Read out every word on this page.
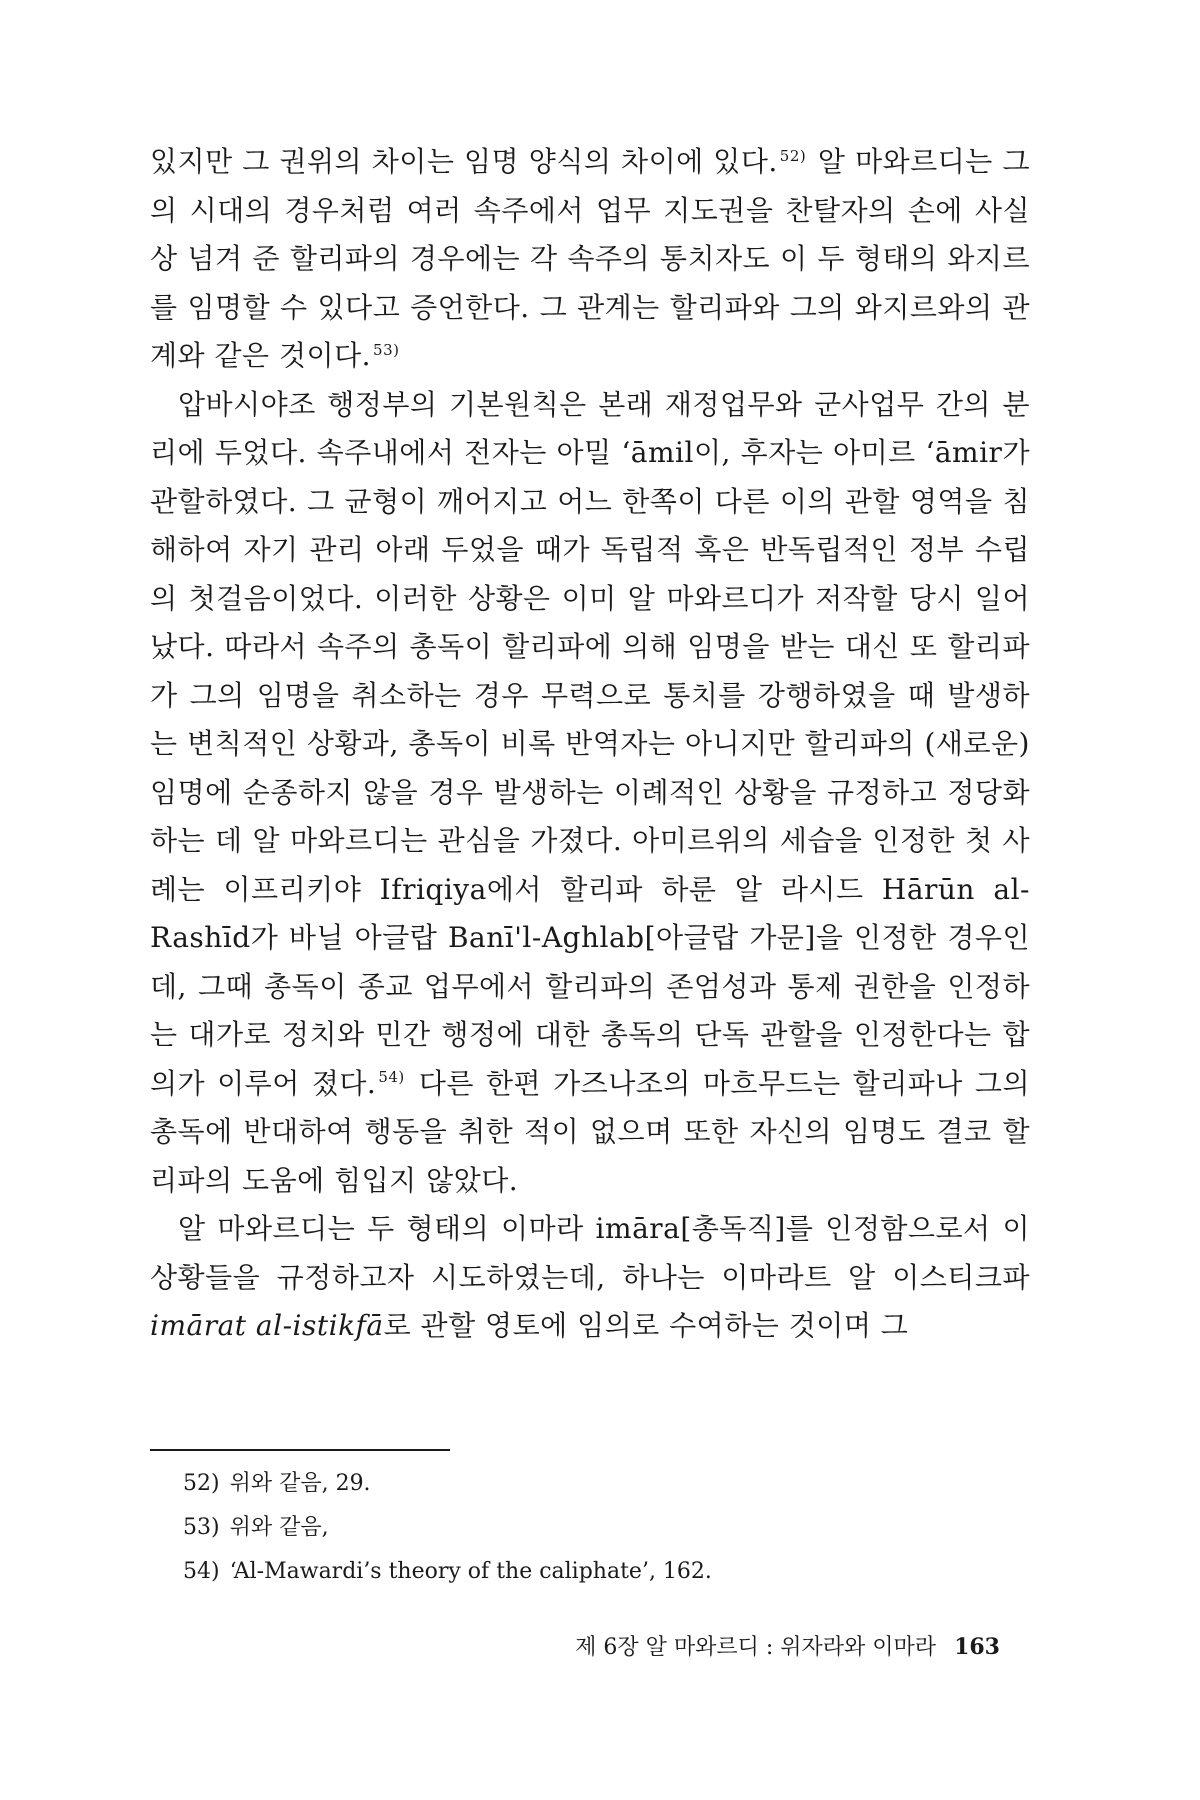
있지만 그 권위의 차이는 임명 양식의 차이에 있다. $^{52)}$ 알 마와르디는 그의 시대의 경우처럼 여러 속주에서 업무 지도권을 찬탈자의 손에 사실상 넘겨 준 할리파의 경우에는 각 속주의 통치자도 이 두 형태의 와지르를 임명할 수 있다고 증언한다. 그 관계는 할리파와 그의 와지르와의 관계와 같은 것이다. $^{53)}$

압바시야조 행정부의 기본원칙은 본래 재정업무와 군사업무 간의 분리에 두었다. 속주내에서 전자는 아밀 ‘āmil이, 후자는 아미르 ‘āmir가 관할하였다. 그 균형이 깨어지고 어느 한쪽이 다른 이의 관할 영역을 침해하여 자기 관리 아래 두었을 때가 독립적 혹은 반독립적인 정부 수립의 첫걸음이었다. 이러한 상황은 이미 알 마와르디가 저작할 당시 일어났다. 따라서 속주의 총독이 할리파에 의해 임명을 받는 대신 또 할리파가 그의 임명을 취소하는 경우 무력으로 통치를 강행하였을 때 발생하는 변칙적인 상황과, 총독이 비록 반역자는 아니지만 할리파의 (새로운) 임명에 순종하지 않을 경우 발생하는 이례적인 상황을 규정하고 정당화하는 데 알 마와르디는 관심을 가졌다. 아미르위의 세습을 인정한 첫 사례는 이프리키야 Ifriqiya에서 할리파 하룬 알 라시드 Hārūn al-Rashīd가 바닐 아글랍 Banī'l-Aghlab[아글랍 가문]을 인정한 경우인데, 그때 총독이 종교 업무에서 할리파의 존엄성과 통제 권한을 인정하는 대가로 정치와 민간 행정에 대한 총독의 단독 관할을 인정한다는 합의가 이루어 졌다. $^{54)}$ 다른 한편 가즈나조의 마흐무드는 할리파나 그의 총독에 반대하여 행동을 취한 적이 없으며 또한 자신의 임명도 결코 할리파의 도움에 힘입지 않았다.

알 마와르디는 두 형태의 이마라 imāra[총독직]를 인정함으로서 이 상황들을 규정하고자 시도하였는데, 하나는 이마라트 알 이스티크파 imārat al-istikfā로 관할 영토에 임의로 수여하는 것이며 그

52) 위와 같음, 29.
53) 위와 같음,
54) ‘Al-Mawardi’s theory of the caliphate’, 162.
제 6장 알 마와르디 : 위자라와 이마라 163
